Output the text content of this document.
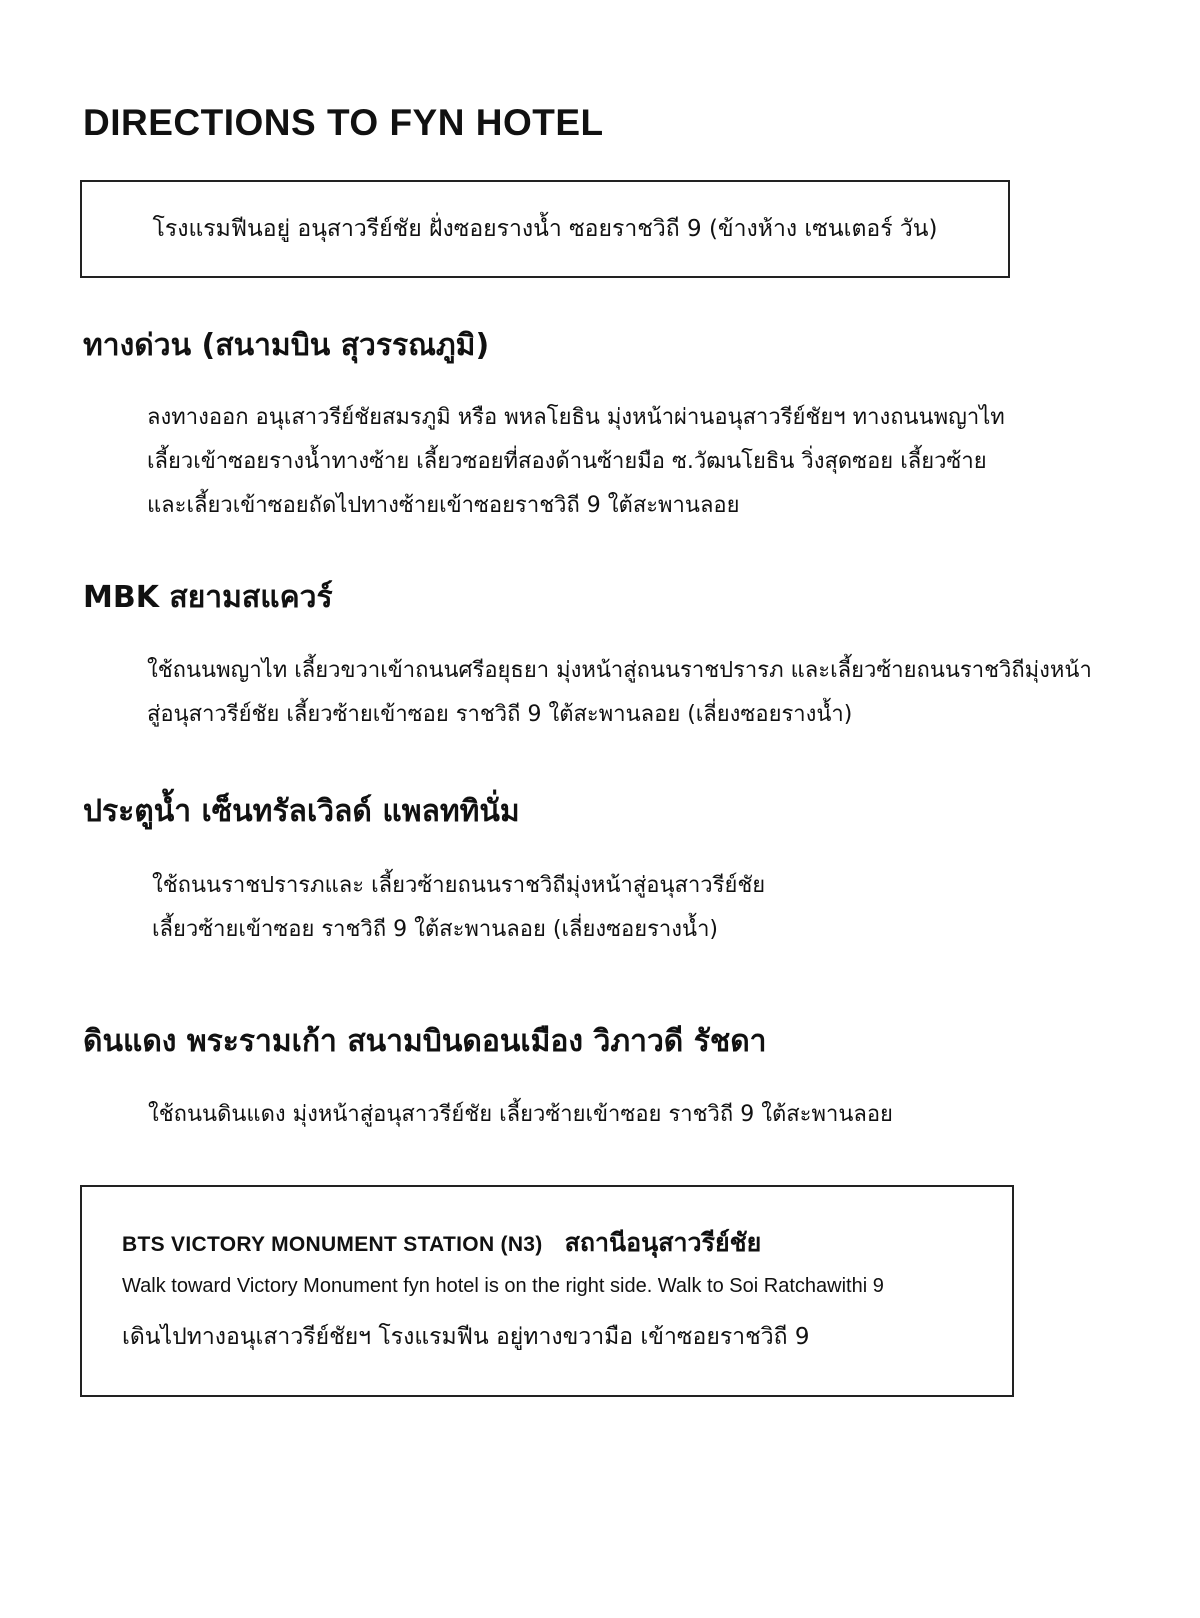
DIRECTIONS TO FYN HOTEL

โรงแรมฟีนอยู่ อนุสาวรีย์ชัย ฝั่งซอยรางน้ำ ซอยราชวิถี 9 (ข้างห้าง เซนเตอร์ วัน)

ทางด่วน (สนามบิน สุวรรณภูมิ)

ลงทางออก อนุเสาวรีย์ชัยสมรภูมิ หรือ พหลโยธิน มุ่งหน้าผ่านอนุสาวรีย์ชัยฯ ทางถนนพญาไท
เลี้ยวเข้าซอยรางน้ำทางซ้าย เลี้ยวซอยที่สองด้านซ้ายมือ ซ.วัฒนโยธิน วิ่งสุดซอย เลี้ยวซ้าย
และเลี้ยวเข้าซอยถัดไปทางซ้ายเข้าซอยราชวิถี 9 ใต้สะพานลอย

MBK สยามสแควร์

ใช้ถนนพญาไท เลี้ยวขวาเข้าถนนศรีอยุธยา มุ่งหน้าสู่ถนนราชปรารภ และเลี้ยวซ้ายถนนราชวิถีมุ่งหน้า
สู่อนุสาวรีย์ชัย เลี้ยวซ้ายเข้าซอย ราชวิถี 9 ใต้สะพานลอย (เลี่ยงซอยรางน้ำ)

ประตูน้ำ เซ็นทรัลเวิลด์ แพลททินั่ม

ใช้ถนนราชปรารภและ เลี้ยวซ้ายถนนราชวิถีมุ่งหน้าสู่อนุสาวรีย์ชัย
เลี้ยวซ้ายเข้าซอย ราชวิถี 9 ใต้สะพานลอย (เลี่ยงซอยรางน้ำ)

ดินแดง พระรามเก้า สนามบินดอนเมือง วิภาวดี รัชดา

ใช้ถนนดินแดง มุ่งหน้าสู่อนุสาวรีย์ชัย เลี้ยวซ้ายเข้าซอย ราชวิถี 9 ใต้สะพานลอย

BTS VICTORY MONUMENT STATION (N3) สถานีอนุสาวรีย์ชัย

Walk toward Victory Monument fyn hotel is on the right side. Walk to Soi Ratchawithi 9

เดินไปทางอนุเสาวรีย์ชัยฯ โรงแรมฟีน อยู่ทางขวามือ เข้าซอยราชวิถี 9
